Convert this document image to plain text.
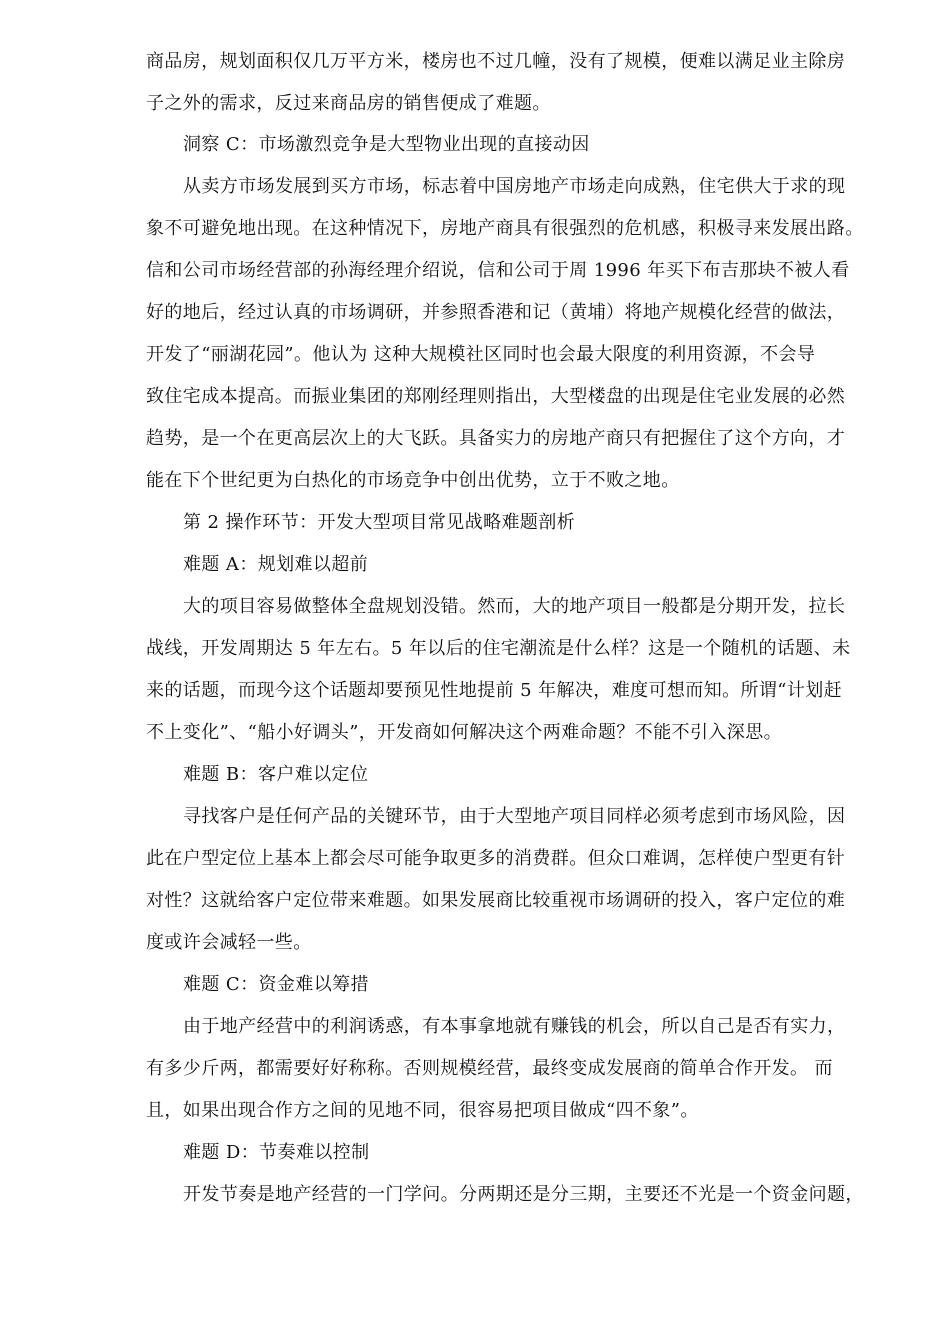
商品房，规划面积仅几万平方米，楼房也不过几幢，没有了规模，便难以满足业主除房
子之外的需求，反过来商品房的销售便成了难题。
洞察 C：市场激烈竞争是大型物业出现的直接动因
从卖方市场发展到买方市场，标志着中国房地产市场走向成熟，住宅供大于求的现
象不可避免地出现。在这种情况下，房地产商具有很强烈的危机感，积极寻来发展出路。
信和公司市场经营部的孙海经理介绍说，信和公司于周 1996 年买下布吉那块不被人看
好的地后，经过认真的市场调研，并参照香港和记（黄埔）将地产规模化经营的做法，
开发了“丽湖花园”。他认为 这种大规模社区同时也会最大限度的利用资源，不会导
致住宅成本提高。而振业集团的郑刚经理则指出，大型楼盘的出现是住宅业发展的必然
趋势，是一个在更高层次上的大飞跃。具备实力的房地产商只有把握住了这个方向，才
能在下个世纪更为白热化的市场竞争中创出优势，立于不败之地。
第 2 操作环节：开发大型项目常见战略难题剖析
难题 A：规划难以超前
大的项目容易做整体全盘规划没错。然而，大的地产项目一般都是分期开发，拉长
战线，开发周期达 5 年左右。5 年以后的住宅潮流是什么样？这是一个随机的话题、未
来的话题，而现今这个话题却要预见性地提前 5 年解决，难度可想而知。所谓“计划赶
不上变化”、“船小好调头”，开发商如何解决这个两难命题？不能不引入深思。
难题 B：客户难以定位
寻找客户是任何产品的关键环节，由于大型地产项目同样必须考虑到市场风险，因
此在户型定位上基本上都会尽可能争取更多的消费群。但众口难调，怎样使户型更有针
对性？这就给客户定位带来难题。如果发展商比较重视市场调研的投入，客户定位的难
度或许会减轻一些。
难题 C：资金难以筹措
由于地产经营中的利润诱惑，有本事拿地就有赚钱的机会，所以自己是否有实力，
有多少斤两，都需要好好称称。否则规模经营，最终变成发展商的简单合作开发。 而
且，如果出现合作方之间的见地不同，很容易把项目做成“四不象”。
难题 D：节奏难以控制
开发节奏是地产经营的一门学问。分两期还是分三期，主要还不光是一个资金问题，
